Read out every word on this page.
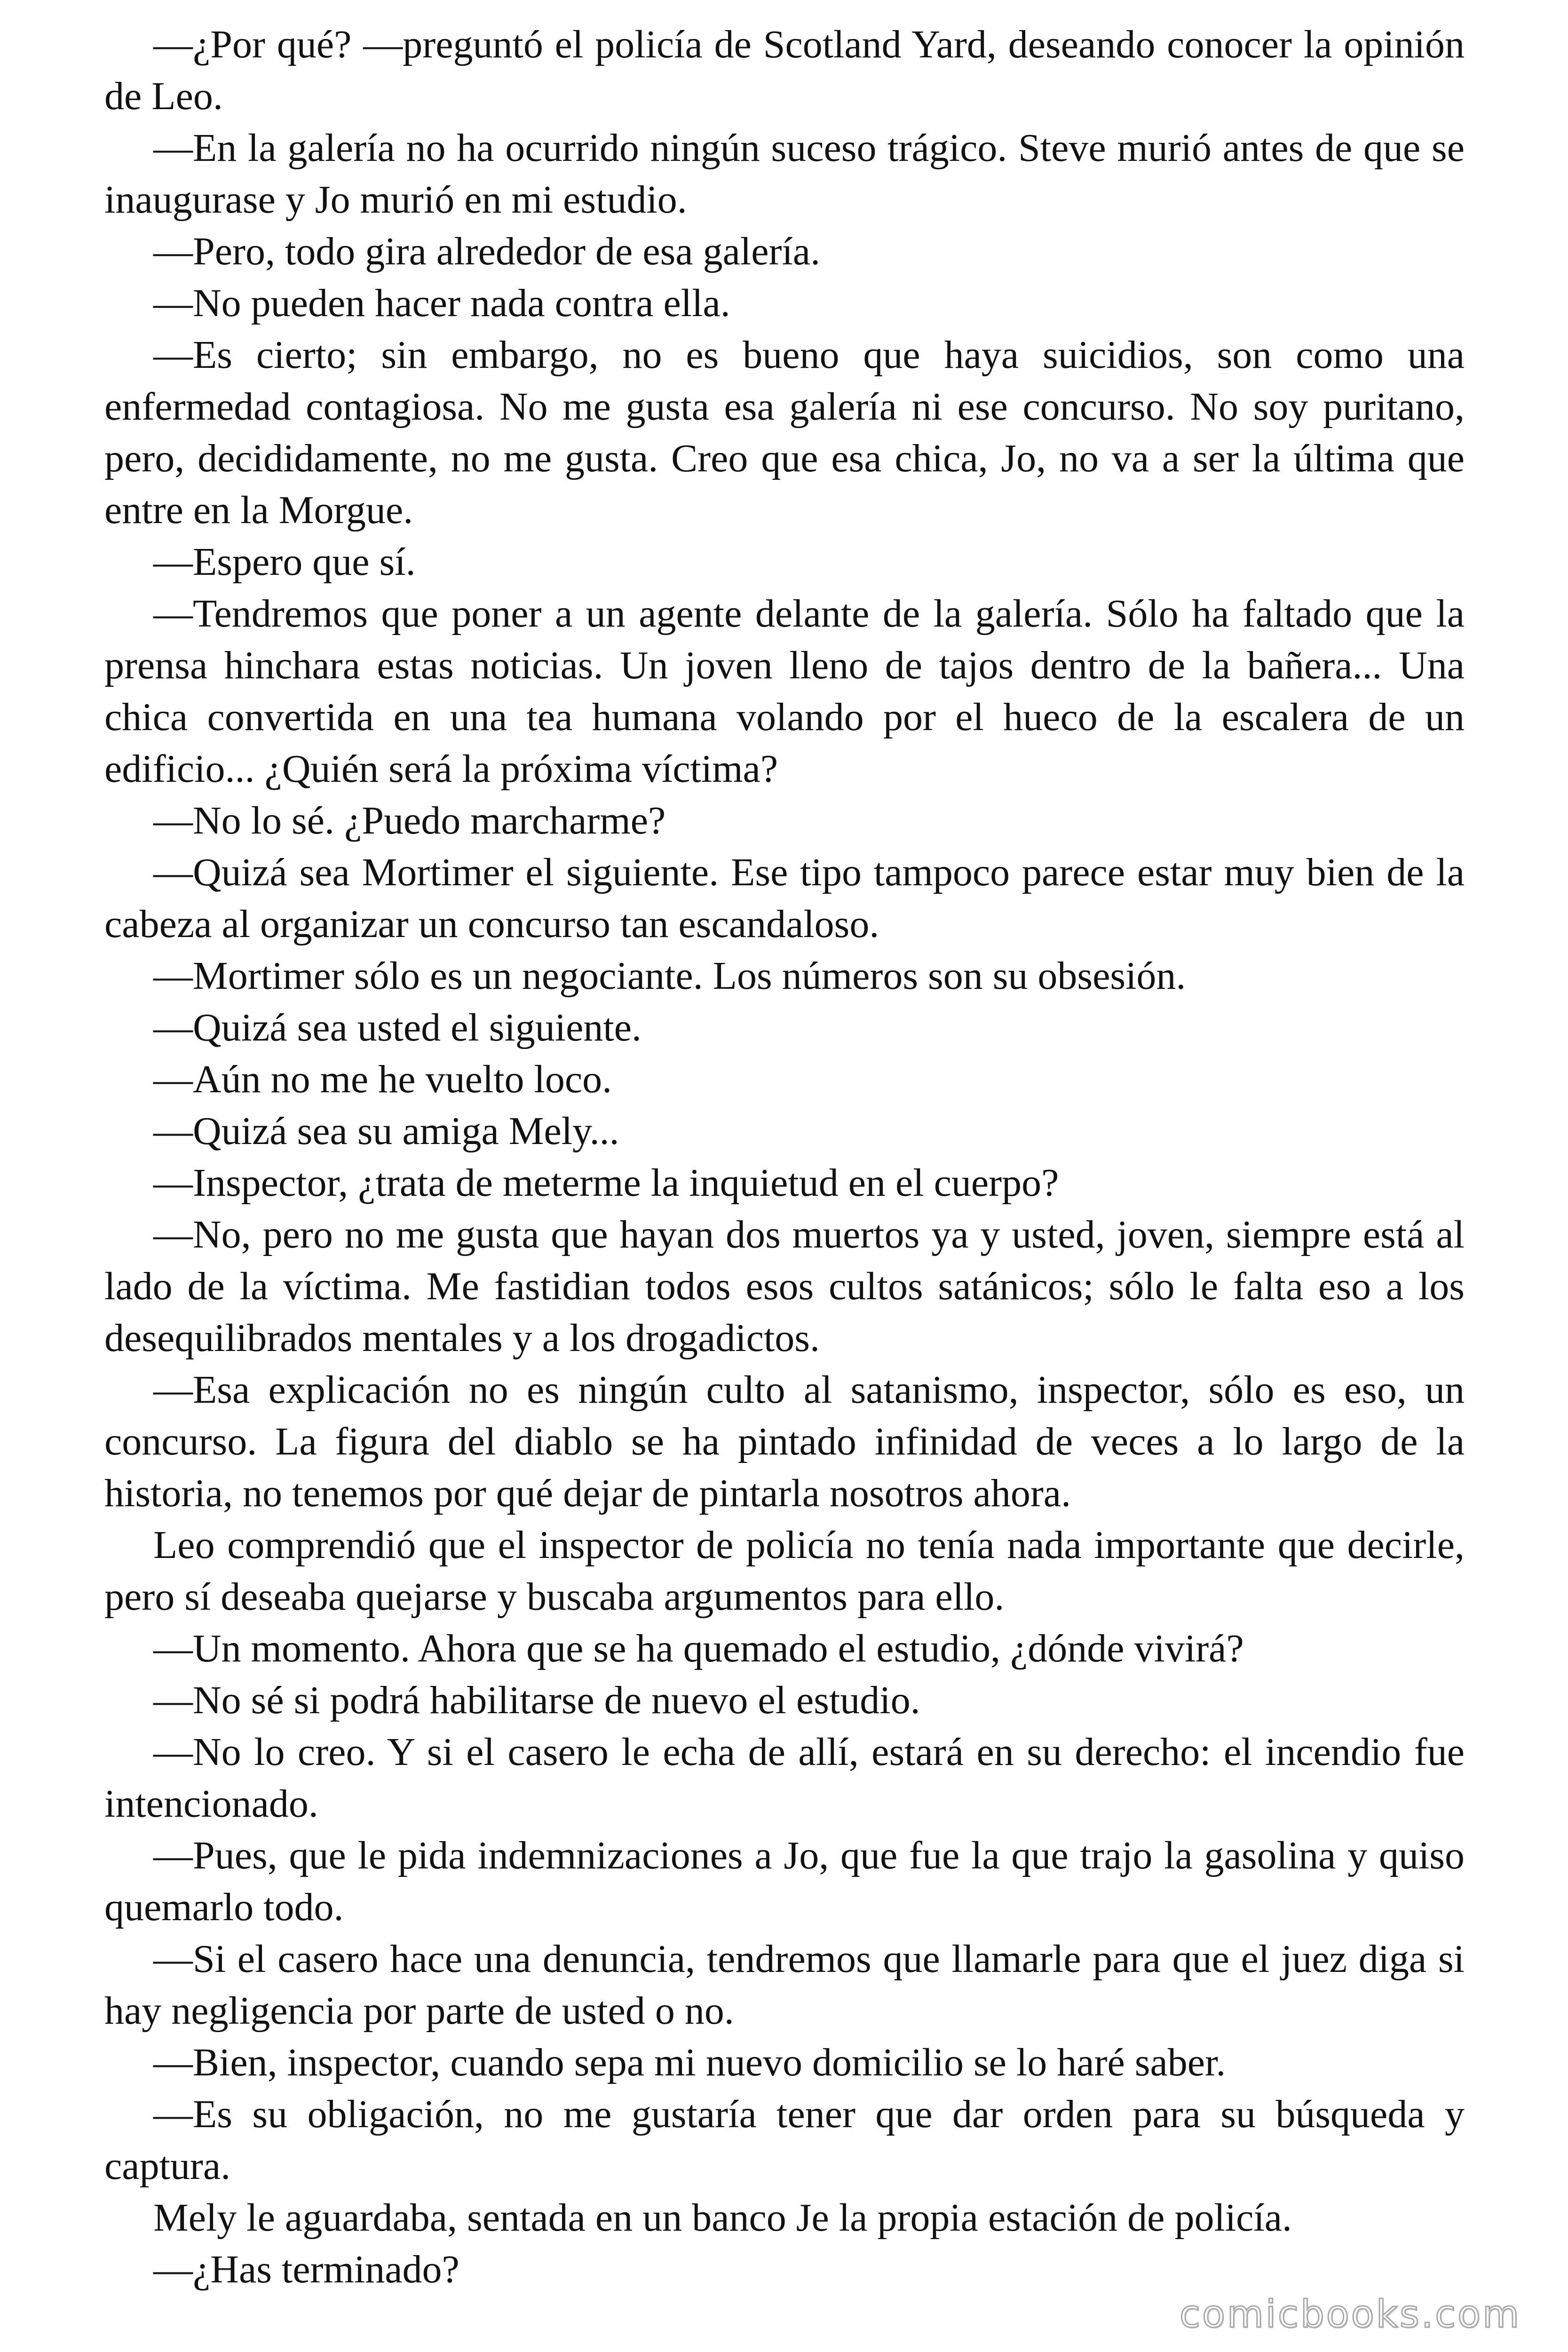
—¿Por qué? —preguntó el policía de Scotland Yard, deseando conocer la opinión de Leo.

—En la galería no ha ocurrido ningún suceso trágico. Steve murió antes de que se inaugurase y Jo murió en mi estudio.

—Pero, todo gira alrededor de esa galería.

—No pueden hacer nada contra ella.

—Es cierto; sin embargo, no es bueno que haya suicidios, son como una enfermedad contagiosa. No me gusta esa galería ni ese concurso. No soy puritano, pero, decididamente, no me gusta. Creo que esa chica, Jo, no va a ser la última que entre en la Morgue.

—Espero que sí.

—Tendremos que poner a un agente delante de la galería. Sólo ha faltado que la prensa hinchara estas noticias. Un joven lleno de tajos dentro de la bañera... Una chica convertida en una tea humana volando por el hueco de la escalera de un edificio... ¿Quién será la próxima víctima?

—No lo sé. ¿Puedo marcharme?

—Quizá sea Mortimer el siguiente. Ese tipo tampoco parece estar muy bien de la cabeza al organizar un concurso tan escandaloso.

—Mortimer sólo es un negociante. Los números son su obsesión.

—Quizá sea usted el siguiente.

—Aún no me he vuelto loco.

—Quizá sea su amiga Mely...

—Inspector, ¿trata de meterme la inquietud en el cuerpo?

—No, pero no me gusta que hayan dos muertos ya y usted, joven, siempre está al lado de la víctima. Me fastidian todos esos cultos satánicos; sólo le falta eso a los desequilibrados mentales y a los drogadictos.

—Esa explicación no es ningún culto al satanismo, inspector, sólo es eso, un concurso. La figura del diablo se ha pintado infinidad de veces a lo largo de la historia, no tenemos por qué dejar de pintarla nosotros ahora.

Leo comprendió que el inspector de policía no tenía nada importante que decirle, pero sí deseaba quejarse y buscaba argumentos para ello.

—Un momento. Ahora que se ha quemado el estudio, ¿dónde vivirá?

—No sé si podrá habilitarse de nuevo el estudio.

—No lo creo. Y si el casero le echa de allí, estará en su derecho: el incendio fue intencionado.

—Pues, que le pida indemnizaciones a Jo, que fue la que trajo la gasolina y quiso quemarlo todo.

—Si el casero hace una denuncia, tendremos que llamarle para que el juez diga si hay negligencia por parte de usted o no.

—Bien, inspector, cuando sepa mi nuevo domicilio se lo haré saber.

—Es su obligación, no me gustaría tener que dar orden para su búsqueda y captura.

Mely le aguardaba, sentada en un banco Je la propia estación de policía.

—¿Has terminado?

comicbooks.com
